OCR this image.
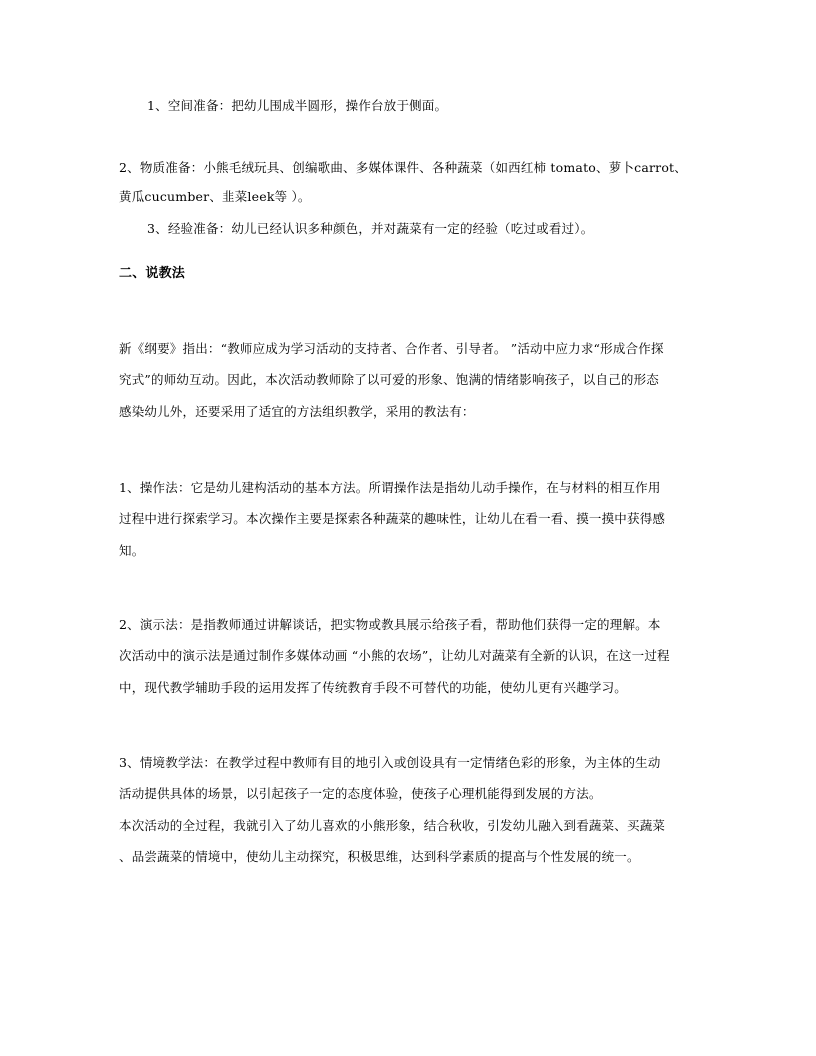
1、空间准备：把幼儿围成半圆形，操作台放于侧面。
2、物质准备：小熊毛绒玩具、创编歌曲、多媒体课件、各种蔬菜（如西红柿 tomato、萝卜carrot、
黄瓜cucumber、韭菜leek等 ）。
3、经验准备：幼儿已经认识多种颜色，并对蔬菜有一定的经验（吃过或看过）。
二、说教法
新《纲要》指出：“教师应成为学习活动的支持者、合作者、引导者。 ”活动中应力求“形成合作探
究式”的师幼互动。因此，本次活动教师除了以可爱的形象、饱满的情绪影响孩子，以自己的形态
感染幼儿外，还要采用了适宜的方法组织教学，采用的教法有：
1、操作法：它是幼儿建构活动的基本方法。所谓操作法是指幼儿动手操作，在与材料的相互作用
过程中进行探索学习。本次操作主要是探索各种蔬菜的趣味性，让幼儿在看一看、摸一摸中获得感
知。
2、演示法：是指教师通过讲解谈话，把实物或教具展示给孩子看，帮助他们获得一定的理解。本
次活动中的演示法是通过制作多媒体动画 “小熊的农场”，让幼儿对蔬菜有全新的认识，在这一过程
中，现代教学辅助手段的运用发挥了传统教育手段不可替代的功能，使幼儿更有兴趣学习。
3、情境教学法：在教学过程中教师有目的地引入或创设具有一定情绪色彩的形象，为主体的生动
活动提供具体的场景，以引起孩子一定的态度体验，使孩子心理机能得到发展的方法。
本次活动的全过程，我就引入了幼儿喜欢的小熊形象，结合秋收，引发幼儿融入到看蔬菜、买蔬菜
、品尝蔬菜的情境中，使幼儿主动探究，积极思维，达到科学素质的提高与个性发展的统一。
